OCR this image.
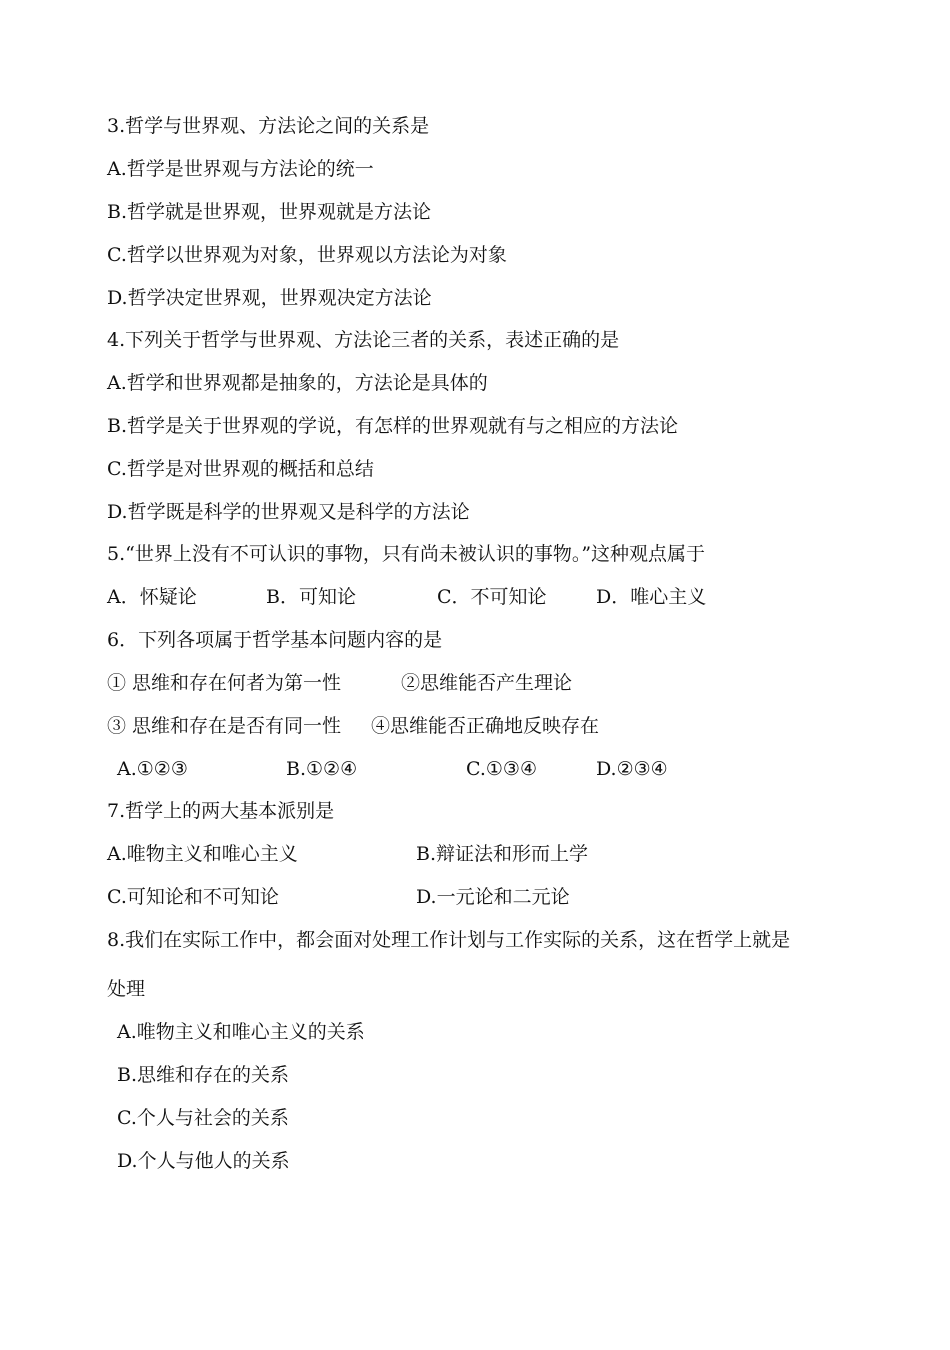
3.哲学与世界观、方法论之间的关系是
A.哲学是世界观与方法论的统一
B.哲学就是世界观，世界观就是方法论
C.哲学以世界观为对象，世界观以方法论为对象
D.哲学决定世界观，世界观决定方法论
4.下列关于哲学与世界观、方法论三者的关系，表述正确的是
A.哲学和世界观都是抽象的，方法论是具体的
B.哲学是关于世界观的学说，有怎样的世界观就有与之相应的方法论
C.哲学是对世界观的概括和总结
D.哲学既是科学的世界观又是科学的方法论
5.“世界上没有不可认识的事物，只有尚未被认识的事物。”这种观点属于
A．怀疑论	B．可知论	C．不可知论	D．唯心主义
6．下列各项属于哲学基本问题内容的是
① 思维和存在何者为第一性	②思维能否产生理论
③ 思维和存在是否有同一性 ④思维能否正确地反映存在
A.①②③	B.①②④	C.①③④	D.②③④
7.哲学上的两大基本派别是
A.唯物主义和唯心主义	B.辩证法和形而上学
C.可知论和不可知论	D.一元论和二元论
8.我们在实际工作中，都会面对处理工作计划与工作实际的关系，这在哲学上就是
处理
A.唯物主义和唯心主义的关系
B.思维和存在的关系
C.个人与社会的关系
D.个人与他人的关系
